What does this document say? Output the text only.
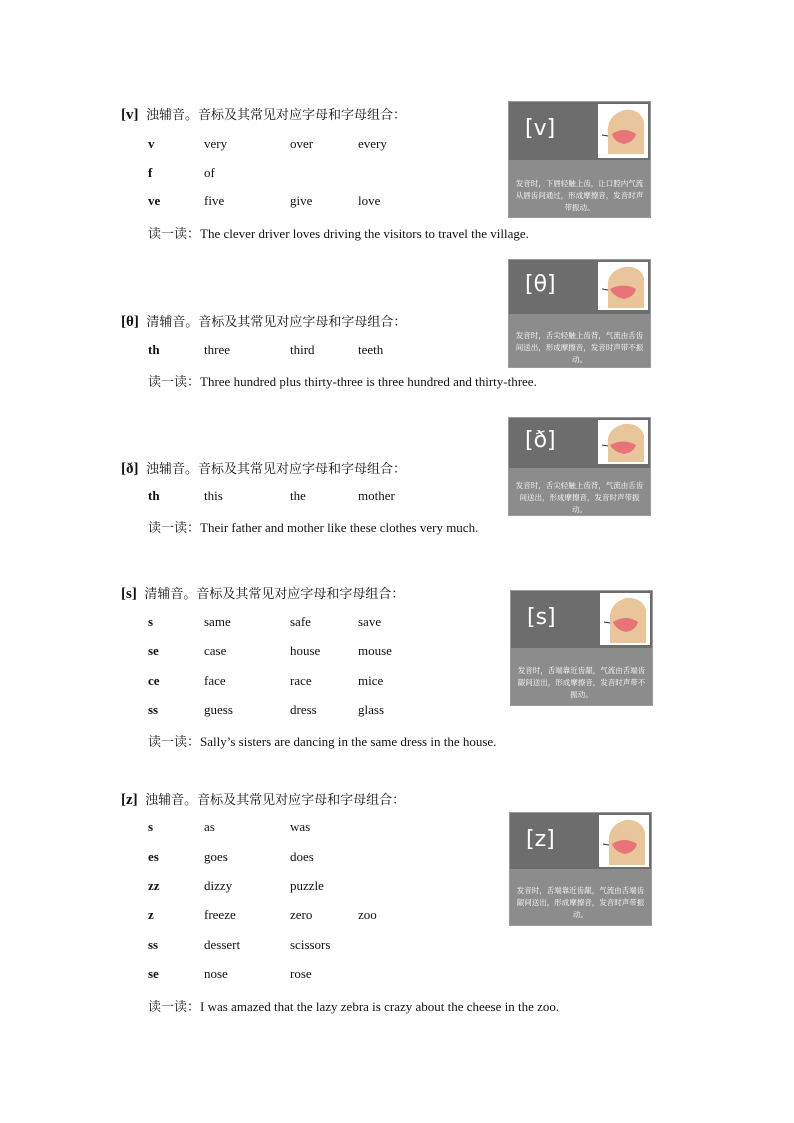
[v] 浊辅音。音标及其常见对应字母和字母组合：
v	very	over	every
f	of
ve	five	give	love
读一读：The clever driver loves driving the visitors to travel the village.
[v]
发音时，下唇轻触上齿，让口腔内气流从唇齿间通过，形成摩擦音，发音时声带振动。
[θ] 清辅音。音标及其常见对应字母和字母组合：
th	three	third	teeth
读一读：Three hundred plus thirty-three is three hundred and thirty-three.
[θ]
发音时，舌尖轻触上齿背，气流由舌齿间送出，形成摩擦音，发音时声带不振动。
[ð] 浊辅音。音标及其常见对应字母和字母组合：
th	this	the	mother
读一读：Their father and mother like these clothes very much.
[ð]
发音时，舌尖轻触上齿背，气流由舌齿间送出，形成摩擦音，发音时声带振动。
[s] 清辅音。音标及其常见对应字母和字母组合：
s	same	safe	save
se	case	house	mouse
ce	face	race	mice
ss	guess	dress	glass
读一读：Sally’s sisters are dancing in the same dress in the house.
[s]
发音时，舌端靠近齿龈，气流由舌端齿龈间送出，形成摩擦音，发音时声带不振动。
[z] 浊辅音。音标及其常见对应字母和字母组合：
s	as	was
es	goes	does
zz	dizzy	puzzle
z	freeze	zero	zoo
ss	dessert	scissors
se	nose	rose
读一读：I was amazed that the lazy zebra is crazy about the cheese in the zoo.
[z]
发音时，舌端靠近齿龈，气流由舌端齿龈间送出，形成摩擦音，发音时声带振动。
